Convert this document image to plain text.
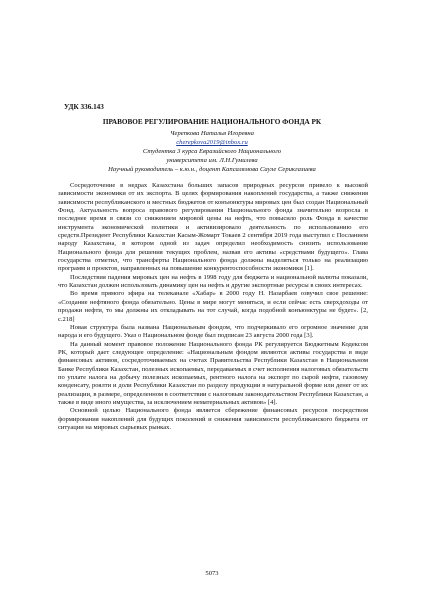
УДК 336.143
ПРАВОВОЕ РЕГУЛИРОВАНИЕ НАЦИОНАЛЬНОГО ФОНДА РК
Черепкова Наталья Игоревна
cherepkova2019@inbox.ru
Студентка 3 курса Евразийского Национального
университета им. Л.Н.Гумилева
Научный руководитель – к.ю.н., доцент Капсалямова Сауле Серикгазиева

Сосредоточение в недрах Казахстана больших запасов природных ресурсов привело к высокой зависимости экономики от их экспорта. В целях формирования накоплений государства, а также снижения зависимости республиканского и местных бюджетов от конъюнктуры мировых цен был создан Национальный Фонд. Актуальность вопроса правового регулирования Национального фонда значительно возросла в последнее время в связи со снижением мировой цены на нефть, что повысило роль Фонда в качестве инструмента экономической политики и активизировало деятельность по использованию его средств.Президент Республики Казахстан Касым-Жомарт Токаев 2 сентября 2019 года выступил с Посланием народу Казахстана, в котором одной из задач определил необходимость снизить использование Национального фонда для решения текущих проблем, назвав его активы «средствами будущего». Глава государства отметил, что трансферты Национального фонда должны выделяться только на реализацию программ и проектов, направленных на повышение конкурентоспособности экономики [1].

Последствия падения мировых цен на нефть в 1998 году для бюджета и национальной валюты показали, что Казахстан должен использовать динамику цен на нефть и другие экспортные ресурсы в своих интересах.

Во время прямого эфира на телеканале «Хабар» в 2000 году Н. Назарбаев озвучил свое решение: «Создание нефтяного фонда обязательно. Цены в мире могут меняться, и если сейчас есть сверхдоходы от продажи нефти, то мы должны их откладывать на тот случай, когда подобной конъюнктуры не будет». [2, с.218]

Новая структура была названа Национальным фондом, что подчеркивало его огромное значение для народа и его будущего. Указ о Национальном фонде был подписан 23 августа 2000 года [3].

На данный момент правовое положение Национального фонда РК регулируется Бюджетным Кодексом РК, который дает следующее определение: «Национальным фондом являются активы государства в виде финансовых активов, сосредоточиваемых на счетах Правительства Республики Казахстан в Национальном Банке Республики Казахстан, полезных ископаемых, передаваемых в счет исполнения налоговых обязательств по уплате налога на добычу полезных ископаемых, рентного налога на экспорт по сырой нефти, газовому конденсату, роялти и доли Республики Казахстан по разделу продукции в натуральной форме или денег от их реализации, в размере, определенном в соответствии с налоговым законодательством Республики Казахстан, а также в виде иного имущества, за исключением нематериальных активов» [4].

Основной целью Национального фонда является сбережение финансовых ресурсов посредством формирования накоплений для будущих поколений и снижения зависимости республиканского бюджета от ситуации на мировых сырьевых рынках.

5073
